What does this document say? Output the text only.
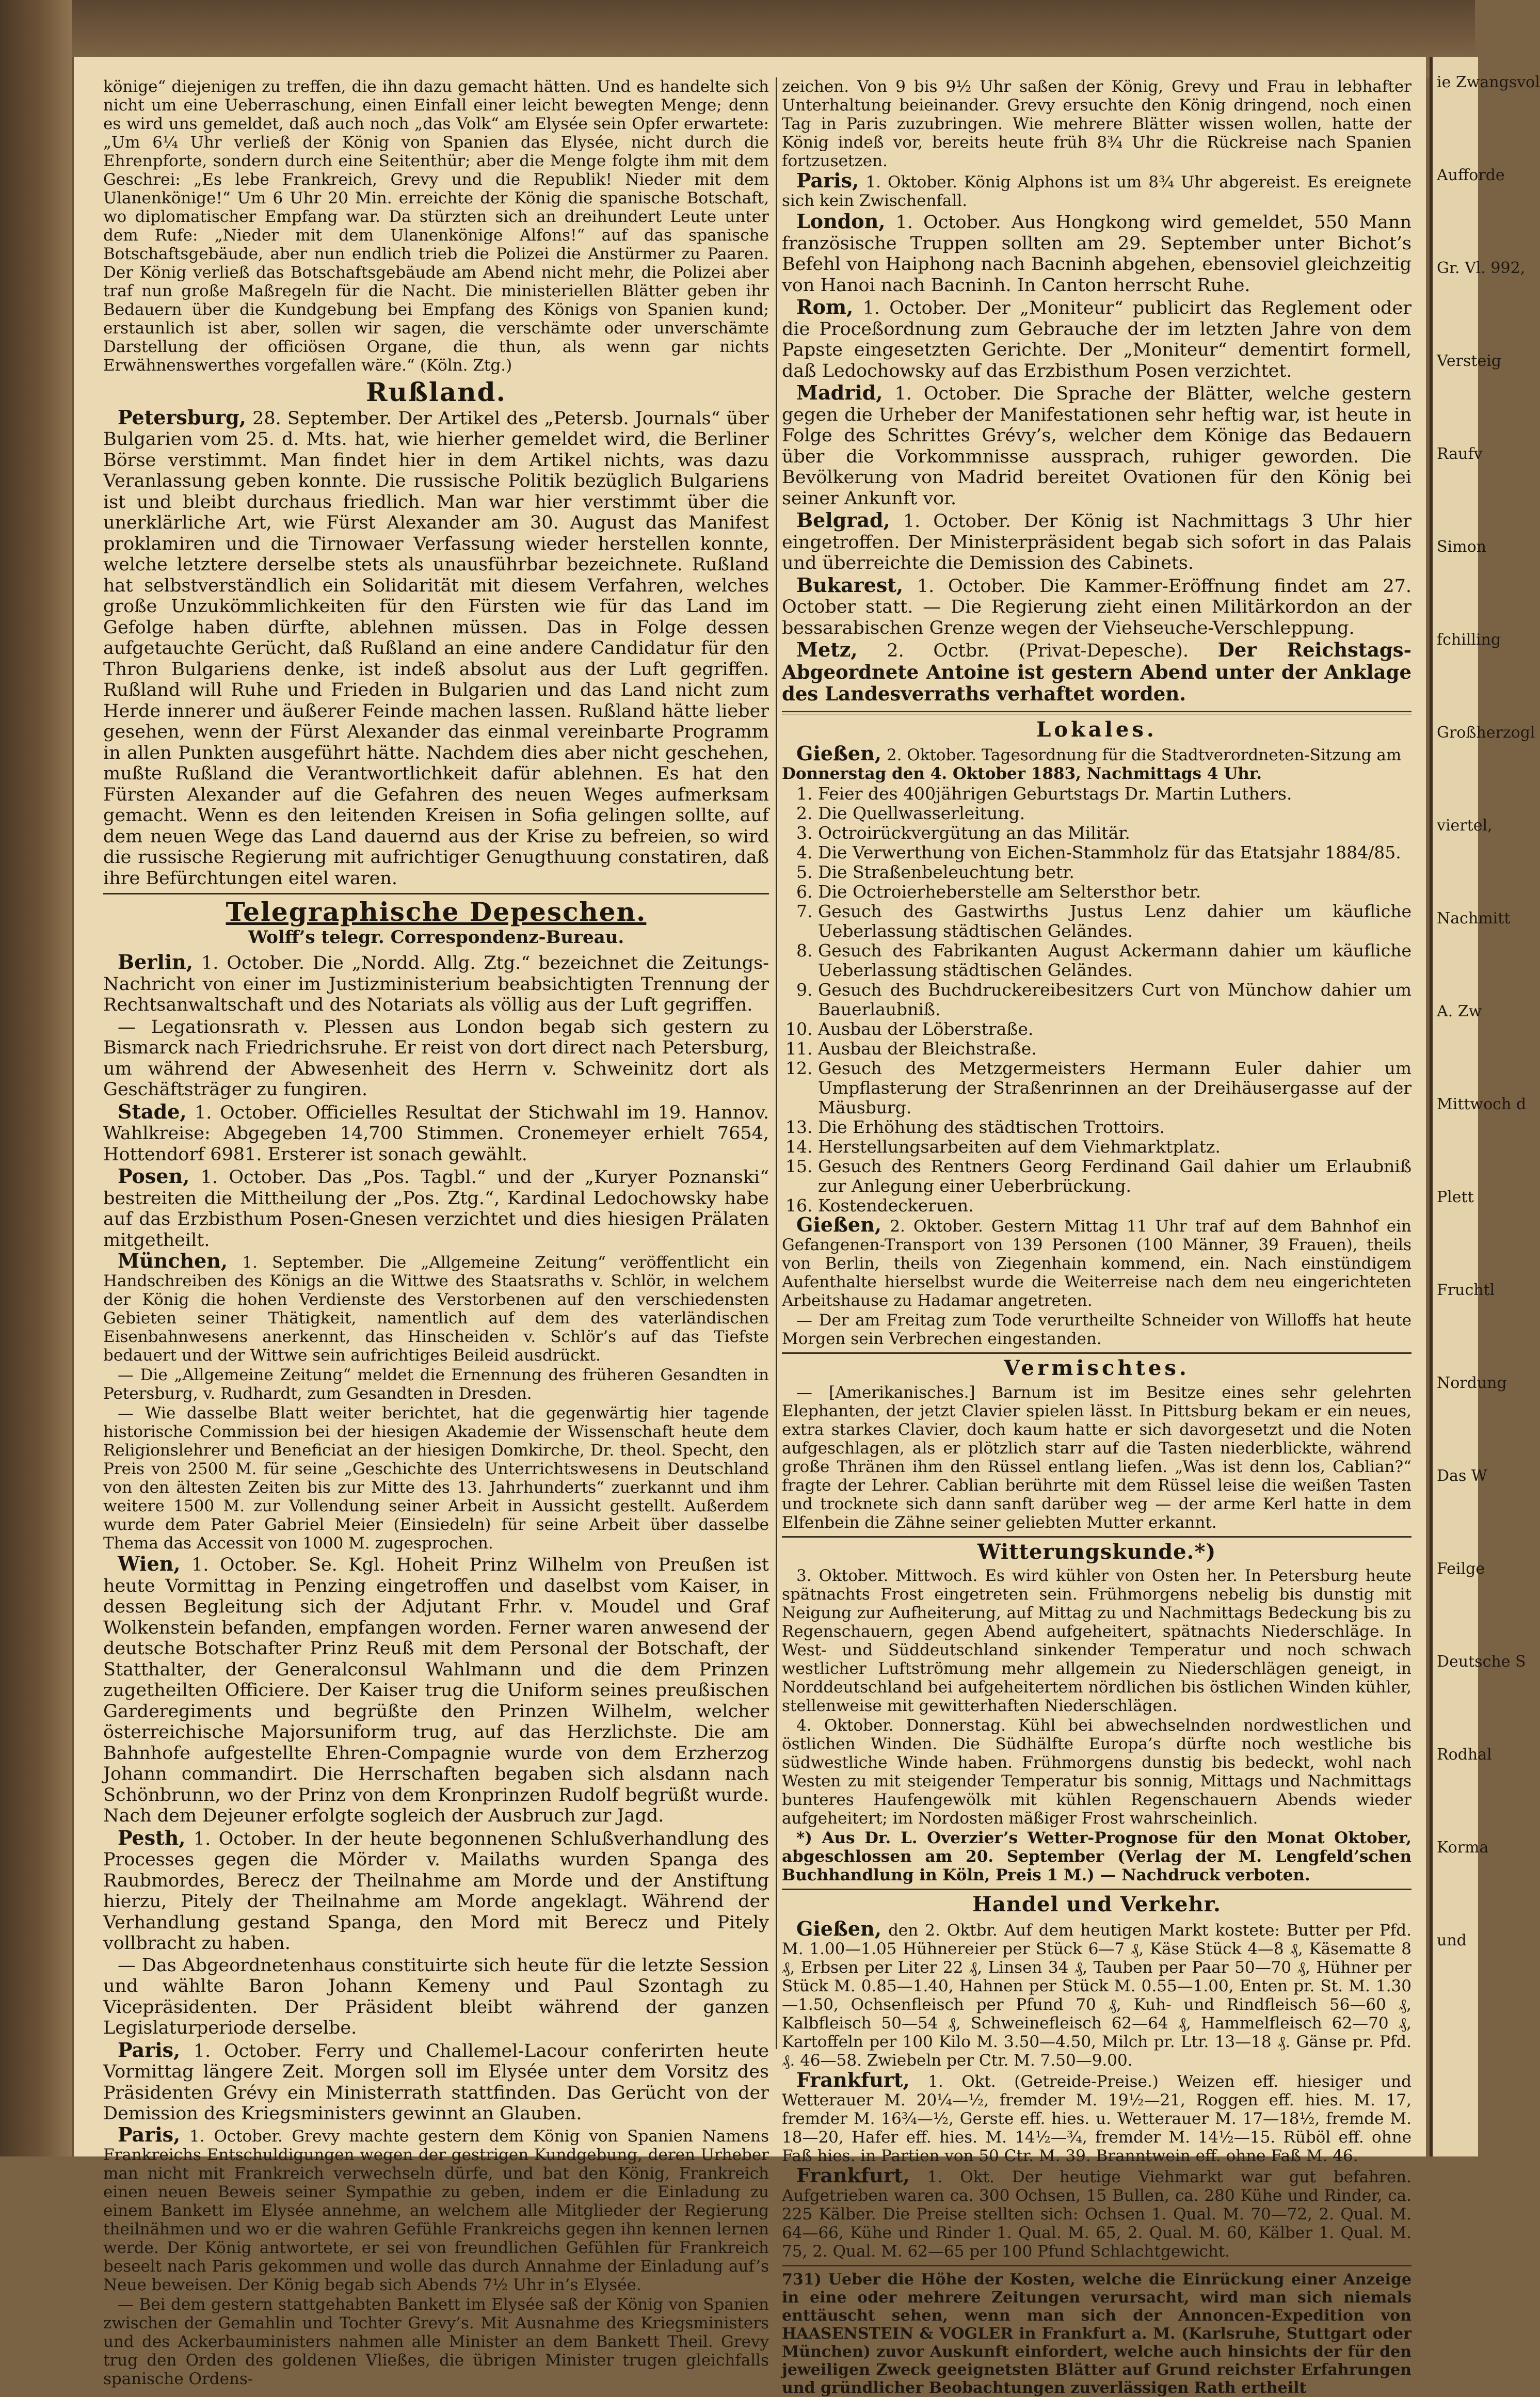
ie Zwangsvol
Aufforde
Gr. Vl. 992,
Versteig
Raufv
Simon
fchilling
Großherzogl
viertel,
Nachmitt
A. Zw
Mittwoch d
Plett
Fruchtl
Nordung
Das W
Feilge
Deutsche S
Rodhal
Korma
und

könige“ diejenigen zu treffen, die ihn dazu gemacht hätten. Und es handelte sich nicht um eine Ueberraschung, einen Einfall einer leicht bewegten Menge; denn es wird uns gemeldet, daß auch noch „das Volk“ am Elysée sein Opfer erwartete: „Um 6¼ Uhr verließ der König von Spanien das Elysée, nicht durch die Ehrenpforte, sondern durch eine Seitenthür; aber die Menge folgte ihm mit dem Geschrei: „Es lebe Frankreich, Grevy und die Republik! Nieder mit dem Ulanenkönige!“ Um 6 Uhr 20 Min. erreichte der König die spanische Botschaft, wo diplomatischer Empfang war. Da stürzten sich an dreihundert Leute unter dem Rufe: „Nieder mit dem Ulanenkönige Alfons!“ auf das spanische Botschaftsgebäude, aber nun endlich trieb die Polizei die Anstürmer zu Paaren. Der König verließ das Botschaftsgebäude am Abend nicht mehr, die Polizei aber traf nun große Maßregeln für die Nacht. Die ministeriellen Blätter geben ihr Bedauern über die Kundgebung bei Empfang des Königs von Spanien kund; erstaunlich ist aber, sollen wir sagen, die verschämte oder unverschämte Darstellung der officiösen Organe, die thun, als wenn gar nichts Erwähnenswerthes vorgefallen wäre.“ (Köln. Ztg.)

Rußland.

Petersburg, 28. September. Der Artikel des „Petersb. Journals“ über Bulgarien vom 25. d. Mts. hat, wie hierher gemeldet wird, die Berliner Börse verstimmt. Man findet hier in dem Artikel nichts, was dazu Veranlassung geben konnte. Die russische Politik bezüglich Bulgariens ist und bleibt durchaus friedlich. Man war hier verstimmt über die unerklärliche Art, wie Fürst Alexander am 30. August das Manifest proklamiren und die Tirnowaer Verfassung wieder herstellen konnte, welche letztere derselbe stets als unausführbar bezeichnete. Rußland hat selbstverständlich ein Solidarität mit diesem Verfahren, welches große Unzukömmlichkeiten für den Fürsten wie für das Land im Gefolge haben dürfte, ablehnen müssen. Das in Folge dessen aufgetauchte Gerücht, daß Rußland an eine andere Candidatur für den Thron Bulgariens denke, ist indeß absolut aus der Luft gegriffen. Rußland will Ruhe und Frieden in Bulgarien und das Land nicht zum Herde innerer und äußerer Feinde machen lassen. Rußland hätte lieber gesehen, wenn der Fürst Alexander das einmal vereinbarte Programm in allen Punkten ausgeführt hätte. Nachdem dies aber nicht geschehen, mußte Rußland die Verantwortlichkeit dafür ablehnen. Es hat den Fürsten Alexander auf die Gefahren des neuen Weges aufmerksam gemacht. Wenn es den leitenden Kreisen in Sofia gelingen sollte, auf dem neuen Wege das Land dauernd aus der Krise zu befreien, so wird die russische Regierung mit aufrichtiger Genugthuung constatiren, daß ihre Befürchtungen eitel waren.

Telegraphische Depeschen.
Wolff’s telegr. Correspondenz-Bureau.

Berlin, 1. October. Die „Nordd. Allg. Ztg.“ bezeichnet die Zeitungs-Nachricht von einer im Justizministerium beabsichtigten Trennung der Rechtsanwaltschaft und des Notariats als völlig aus der Luft gegriffen.

— Legationsrath v. Plessen aus London begab sich gestern zu Bismarck nach Friedrichsruhe. Er reist von dort direct nach Petersburg, um während der Abwesenheit des Herrn v. Schweinitz dort als Geschäftsträger zu fungiren.

Stade, 1. October. Officielles Resultat der Stichwahl im 19. Hannov. Wahlkreise: Abgegeben 14,700 Stimmen. Cronemeyer erhielt 7654, Hottendorf 6981. Ersterer ist sonach gewählt.

Posen, 1. October. Das „Pos. Tagbl.“ und der „Kuryer Poznanski“ bestreiten die Mittheilung der „Pos. Ztg.“, Kardinal Ledochowsky habe auf das Erzbisthum Posen-Gnesen verzichtet und dies hiesigen Prälaten mitgetheilt.

München, 1. September. Die „Allgemeine Zeitung“ veröffentlicht ein Handschreiben des Königs an die Wittwe des Staatsraths v. Schlör, in welchem der König die hohen Verdienste des Verstorbenen auf den verschiedensten Gebieten seiner Thätigkeit, namentlich auf dem des vaterländischen Eisenbahnwesens anerkennt, das Hinscheiden v. Schlör’s auf das Tiefste bedauert und der Wittwe sein aufrichtiges Beileid ausdrückt.

— Die „Allgemeine Zeitung“ meldet die Ernennung des früheren Gesandten in Petersburg, v. Rudhardt, zum Gesandten in Dresden.

— Wie dasselbe Blatt weiter berichtet, hat die gegenwärtig hier tagende historische Commission bei der hiesigen Akademie der Wissenschaft heute dem Religionslehrer und Beneficiat an der hiesigen Domkirche, Dr. theol. Specht, den Preis von 2500 M. für seine „Geschichte des Unterrichtswesens in Deutschland von den ältesten Zeiten bis zur Mitte des 13. Jahrhunderts“ zuerkannt und ihm weitere 1500 M. zur Vollendung seiner Arbeit in Aussicht gestellt. Außerdem wurde dem Pater Gabriel Meier (Einsiedeln) für seine Arbeit über dasselbe Thema das Accessit von 1000 M. zugesprochen.

Wien, 1. October. Se. Kgl. Hoheit Prinz Wilhelm von Preußen ist heute Vormittag in Penzing eingetroffen und daselbst vom Kaiser, in dessen Begleitung sich der Adjutant Frhr. v. Moudel und Graf Wolkenstein befanden, empfangen worden. Ferner waren anwesend der deutsche Botschafter Prinz Reuß mit dem Personal der Botschaft, der Statthalter, der Generalconsul Wahlmann und die dem Prinzen zugetheilten Officiere. Der Kaiser trug die Uniform seines preußischen Garderegiments und begrüßte den Prinzen Wilhelm, welcher österreichische Majorsuniform trug, auf das Herzlichste. Die am Bahnhofe aufgestellte Ehren-Compagnie wurde von dem Erzherzog Johann commandirt. Die Herrschaften begaben sich alsdann nach Schönbrunn, wo der Prinz von dem Kronprinzen Rudolf begrüßt wurde. Nach dem Dejeuner erfolgte sogleich der Ausbruch zur Jagd.

Pesth, 1. October. In der heute begonnenen Schlußverhandlung des Processes gegen die Mörder v. Mailaths wurden Spanga des Raubmordes, Berecz der Theilnahme am Morde und der Anstiftung hierzu, Pitely der Theilnahme am Morde angeklagt. Während der Verhandlung gestand Spanga, den Mord mit Berecz und Pitely vollbracht zu haben.

— Das Abgeordnetenhaus constituirte sich heute für die letzte Session und wählte Baron Johann Kemeny und Paul Szontagh zu Vicepräsidenten. Der Präsident bleibt während der ganzen Legislaturperiode derselbe.

Paris, 1. October. Ferry und Challemel-Lacour conferirten heute Vormittag längere Zeit. Morgen soll im Elysée unter dem Vorsitz des Präsidenten Grévy ein Ministerrath stattfinden. Das Gerücht von der Demission des Kriegsministers gewinnt an Glauben.

Paris, 1. October. Grevy machte gestern dem König von Spanien Namens Frankreichs Entschuldigungen wegen der gestrigen Kundgebung, deren Urheber man nicht mit Frankreich verwechseln dürfe, und bat den König, Frankreich einen neuen Beweis seiner Sympathie zu geben, indem er die Einladung zu einem Bankett im Elysée annehme, an welchem alle Mitglieder der Regierung theilnähmen und wo er die wahren Gefühle Frankreichs gegen ihn kennen lernen werde. Der König antwortete, er sei von freundlichen Gefühlen für Frankreich beseelt nach Paris gekommen und wolle das durch Annahme der Einladung auf’s Neue beweisen. Der König begab sich Abends 7½ Uhr in’s Elysée.

— Bei dem gestern stattgehabten Bankett im Elysée saß der König von Spanien zwischen der Gemahlin und Tochter Grevy’s. Mit Ausnahme des Kriegsministers und des Ackerbauministers nahmen alle Minister an dem Bankett Theil. Grevy trug den Orden des goldenen Vließes, die übrigen Minister trugen gleichfalls spanische Ordens-

zeichen. Von 9 bis 9½ Uhr saßen der König, Grevy und Frau in lebhafter Unterhaltung beieinander. Grevy ersuchte den König dringend, noch einen Tag in Paris zuzubringen. Wie mehrere Blätter wissen wollen, hatte der König indeß vor, bereits heute früh 8¾ Uhr die Rückreise nach Spanien fortzusetzen.

Paris, 1. Oktober. König Alphons ist um 8¾ Uhr abgereist. Es ereignete sich kein Zwischenfall.

London, 1. October. Aus Hongkong wird gemeldet, 550 Mann französische Truppen sollten am 29. September unter Bichot’s Befehl von Haiphong nach Bacninh abgehen, ebensoviel gleichzeitig von Hanoi nach Bacninh. In Canton herrscht Ruhe.

Rom, 1. October. Der „Moniteur“ publicirt das Reglement oder die Proceßordnung zum Gebrauche der im letzten Jahre von dem Papste eingesetzten Gerichte. Der „Moniteur“ dementirt formell, daß Ledochowsky auf das Erzbisthum Posen verzichtet.

Madrid, 1. October. Die Sprache der Blätter, welche gestern gegen die Urheber der Manifestationen sehr heftig war, ist heute in Folge des Schrittes Grévy’s, welcher dem Könige das Bedauern über die Vorkommnisse aussprach, ruhiger geworden. Die Bevölkerung von Madrid bereitet Ovationen für den König bei seiner Ankunft vor.

Belgrad, 1. October. Der König ist Nachmittags 3 Uhr hier eingetroffen. Der Ministerpräsident begab sich sofort in das Palais und überreichte die Demission des Cabinets.

Bukarest, 1. October. Die Kammer-Eröffnung findet am 27. October statt. — Die Regierung zieht einen Militärkordon an der bessarabischen Grenze wegen der Viehseuche-Verschleppung.

Metz, 2. Octbr. (Privat-Depesche). Der Reichstags-Abgeordnete Antoine ist gestern Abend unter der Anklage des Landesverraths verhaftet worden.

Lokales.

Gießen, 2. Oktober. Tagesordnung für die Stadtverordneten-Sitzung am
Donnerstag den 4. Oktober 1883, Nachmittags 4 Uhr.

1. Feier des 400jährigen Geburtstags Dr. Martin Luthers.
2. Die Quellwasserleitung.
3. Octroirückvergütung an das Militär.
4. Die Verwerthung von Eichen-Stammholz für das Etatsjahr 1884/85.
5. Die Straßenbeleuchtung betr.
6. Die Octroierheberstelle am Seltersthor betr.
7. Gesuch des Gastwirths Justus Lenz dahier um käufliche Ueberlassung städtischen Geländes.
8. Gesuch des Fabrikanten August Ackermann dahier um käufliche Ueberlassung städtischen Geländes.
9. Gesuch des Buchdruckereibesitzers Curt von Münchow dahier um Bauerlaubniß.
10. Ausbau der Löberstraße.
11. Ausbau der Bleichstraße.
12. Gesuch des Metzgermeisters Hermann Euler dahier um Umpflasterung der Straßenrinnen an der Dreihäusergasse auf der Mäusburg.
13. Die Erhöhung des städtischen Trottoirs.
14. Herstellungsarbeiten auf dem Viehmarktplatz.
15. Gesuch des Rentners Georg Ferdinand Gail dahier um Erlaubniß zur Anlegung einer Ueberbrückung.
16. Kostendeckeruen.

Gießen, 2. Oktober. Gestern Mittag 11 Uhr traf auf dem Bahnhof ein Gefangenen-Transport von 139 Personen (100 Männer, 39 Frauen), theils von Berlin, theils von Ziegenhain kommend, ein. Nach einstündigem Aufenthalte hierselbst wurde die Weiterreise nach dem neu eingerichteten Arbeitshause zu Hadamar angetreten.

— Der am Freitag zum Tode verurtheilte Schneider von Willoffs hat heute Morgen sein Verbrechen eingestanden.

Vermischtes.

— [Amerikanisches.] Barnum ist im Besitze eines sehr gelehrten Elephanten, der jetzt Clavier spielen lässt. In Pittsburg bekam er ein neues, extra starkes Clavier, doch kaum hatte er sich davorgesetzt und die Noten aufgeschlagen, als er plötzlich starr auf die Tasten niederblickte, während große Thränen ihm den Rüssel entlang liefen. „Was ist denn los, Cablian?“ fragte der Lehrer. Cablian berührte mit dem Rüssel leise die weißen Tasten und trocknete sich dann sanft darüber weg — der arme Kerl hatte in dem Elfenbein die Zähne seiner geliebten Mutter erkannt.

Witterungskunde.*)

3. Oktober. Mittwoch. Es wird kühler von Osten her. In Petersburg heute spätnachts Frost eingetreten sein. Frühmorgens nebelig bis dunstig mit Neigung zur Aufheiterung, auf Mittag zu und Nachmittags Bedeckung bis zu Regenschauern, gegen Abend aufgeheitert, spätnachts Niederschläge. In West- und Süddeutschland sinkender Temperatur und noch schwach westlicher Luftströmung mehr allgemein zu Niederschlägen geneigt, in Norddeutschland bei aufgeheitertem nördlichen bis östlichen Winden kühler, stellenweise mit gewitterhaften Niederschlägen.

4. Oktober. Donnerstag. Kühl bei abwechselnden nordwestlichen und östlichen Winden. Die Südhälfte Europa’s dürfte noch westliche bis südwestliche Winde haben. Frühmorgens dunstig bis bedeckt, wohl nach Westen zu mit steigender Temperatur bis sonnig, Mittags und Nachmittags bunteres Haufengewölk mit kühlen Regenschauern Abends wieder aufgeheitert; im Nordosten mäßiger Frost wahrscheinlich.

*) Aus Dr. L. Overzier’s Wetter-Prognose für den Monat Oktober, abgeschlossen am 20. September (Verlag der M. Lengfeld’schen Buchhandlung in Köln, Preis 1 M.) — Nachdruck verboten.

Handel und Verkehr.

Gießen, den 2. Oktbr. Auf dem heutigen Markt kostete: Butter per Pfd. M. 1.00—1.05 Hühnereier per Stück 6—7 ₰, Käse Stück 4—8 ₰, Käsematte 8 ₰, Erbsen per Liter 22 ₰, Linsen 34 ₰, Tauben per Paar 50—70 ₰, Hühner per Stück M. 0.85—1.40, Hahnen per Stück M. 0.55—1.00, Enten pr. St. M. 1.30—1.50, Ochsenfleisch per Pfund 70 ₰, Kuh- und Rindfleisch 56—60 ₰, Kalbfleisch 50—54 ₰, Schweinefleisch 62—64 ₰, Hammelfleisch 62—70 ₰, Kartoffeln per 100 Kilo M. 3.50—4.50, Milch pr. Ltr. 13—18 ₰. Gänse pr. Pfd. ₰. 46—58. Zwiebeln per Ctr. M. 7.50—9.00.

Frankfurt, 1. Okt. (Getreide-Preise.) Weizen eff. hiesiger und Wetterauer M. 20¼—½, fremder M. 19½—21, Roggen eff. hies. M. 17, fremder M. 16¾—½, Gerste eff. hies. u. Wetterauer M. 17—18½, fremde M. 18—20, Hafer eff. hies. M. 14½—¾, fremder M. 14½—15. Rüböl eff. ohne Faß hies. in Partien von 50 Ctr. M. 39. Branntwein eff. ohne Faß M. 46.

Frankfurt, 1. Okt. Der heutige Viehmarkt war gut befahren. Aufgetrieben waren ca. 300 Ochsen, 15 Bullen, ca. 280 Kühe und Rinder, ca. 225 Kälber. Die Preise stellten sich: Ochsen 1. Qual. M. 70—72, 2. Qual. M. 64—66, Kühe und Rinder 1. Qual. M. 65, 2. Qual. M. 60, Kälber 1. Qual. M. 75, 2. Qual. M. 62—65 per 100 Pfund Schlachtgewicht.

731) Ueber die Höhe der Kosten, welche die Einrückung einer Anzeige in eine oder mehrere Zeitungen verursacht, wird man sich niemals enttäuscht sehen, wenn man sich der Annoncen-Expedition von HAASENSTEIN & VOGLER in Frankfurt a. M. (Karlsruhe, Stuttgart oder München) zuvor Auskunft einfordert, welche auch hinsichts der für den jeweiligen Zweck geeignetsten Blätter auf Grund reichster Erfahrungen und gründlicher Beobachtungen zuverlässigen Rath ertheilt
